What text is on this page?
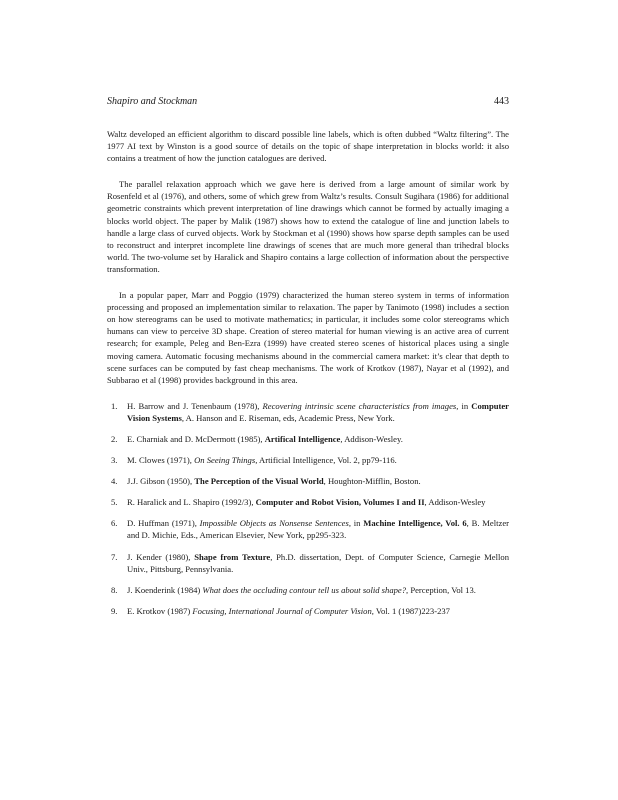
Shapiro and Stockman	443

Waltz developed an efficient algorithm to discard possible line labels, which is often dubbed “Waltz filtering”. The 1977 AI text by Winston is a good source of details on the topic of shape interpretation in blocks world: it also contains a treatment of how the junction catalogues are derived.

The parallel relaxation approach which we gave here is derived from a large amount of similar work by Rosenfeld et al (1976), and others, some of which grew from Waltz’s results. Consult Sugihara (1986) for additional geometric constraints which prevent interpretation of line drawings which cannot be formed by actually imaging a blocks world object. The paper by Malik (1987) shows how to extend the catalogue of line and junction labels to handle a large class of curved objects. Work by Stockman et al (1990) shows how sparse depth samples can be used to reconstruct and interpret incomplete line drawings of scenes that are much more general than trihedral blocks world. The two-volume set by Haralick and Shapiro contains a large collection of information about the perspective transformation.

In a popular paper, Marr and Poggio (1979) characterized the human stereo system in terms of information processing and proposed an implementation similar to relaxation. The paper by Tanimoto (1998) includes a section on how stereograms can be used to motivate mathematics; in particular, it includes some color stereograms which humans can view to perceive 3D shape. Creation of stereo material for human viewing is an active area of current research; for example, Peleg and Ben-Ezra (1999) have created stereo scenes of historical places using a single moving camera. Automatic focusing mechanisms abound in the commercial camera market: it’s clear that depth to scene surfaces can be computed by fast cheap mechanisms. The work of Krotkov (1987), Nayar et al (1992), and Subbarao et al (1998) provides background in this area.

1. H. Barrow and J. Tenenbaum (1978), Recovering intrinsic scene characteristics from images, in Computer Vision Systems, A. Hanson and E. Riseman, eds, Academic Press, New York.
2. E. Charniak and D. McDermott (1985), Artifical Intelligence, Addison-Wesley.
3. M. Clowes (1971), On Seeing Things, Artificial Intelligence, Vol. 2, pp79-116.
4. J.J. Gibson (1950), The Perception of the Visual World, Houghton-Mifflin, Boston.
5. R. Haralick and L. Shapiro (1992/3), Computer and Robot Vision, Volumes I and II, Addison-Wesley
6. D. Huffman (1971), Impossible Objects as Nonsense Sentences, in Machine Intelligence, Vol. 6, B. Meltzer and D. Michie, Eds., American Elsevier, New York, pp295-323.
7. J. Kender (1980), Shape from Texture, Ph.D. dissertation, Dept. of Computer Science, Carnegie Mellon Univ., Pittsburg, Pennsylvania.
8. J. Koenderink (1984) What does the occluding contour tell us about solid shape?, Perception, Vol 13.
9. E. Krotkov (1987) Focusing, International Journal of Computer Vision, Vol. 1 (1987)223-237
